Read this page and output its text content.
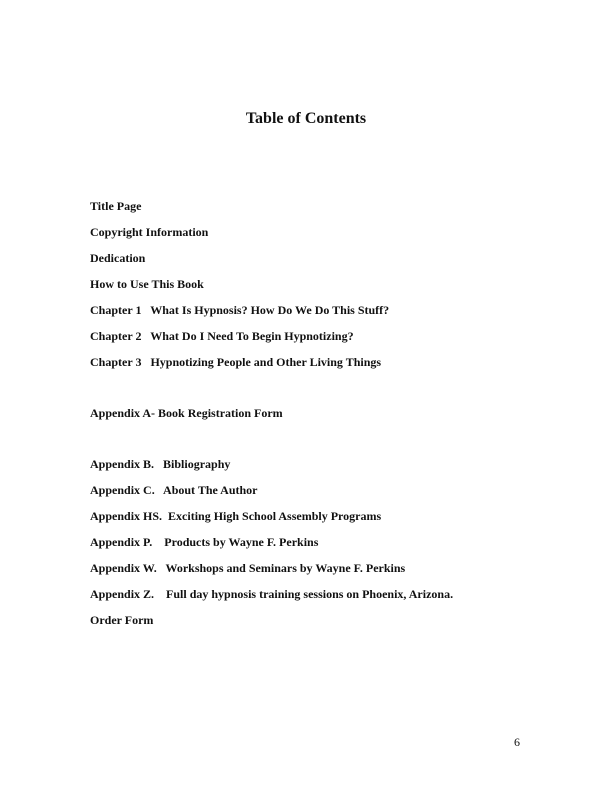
Table of Contents
Title Page
Copyright Information
Dedication
How to Use This Book
Chapter 1   What Is Hypnosis? How Do We Do This Stuff?
Chapter 2   What Do I Need To Begin Hypnotizing?
Chapter 3   Hypnotizing People and Other Living Things
Appendix A- Book Registration Form
Appendix B.   Bibliography
Appendix C.   About The Author
Appendix HS.  Exciting High School Assembly Programs
Appendix P.    Products by Wayne F. Perkins
Appendix W.   Workshops and Seminars by Wayne F. Perkins
Appendix Z.    Full day hypnosis training sessions on Phoenix, Arizona.
Order Form
6
